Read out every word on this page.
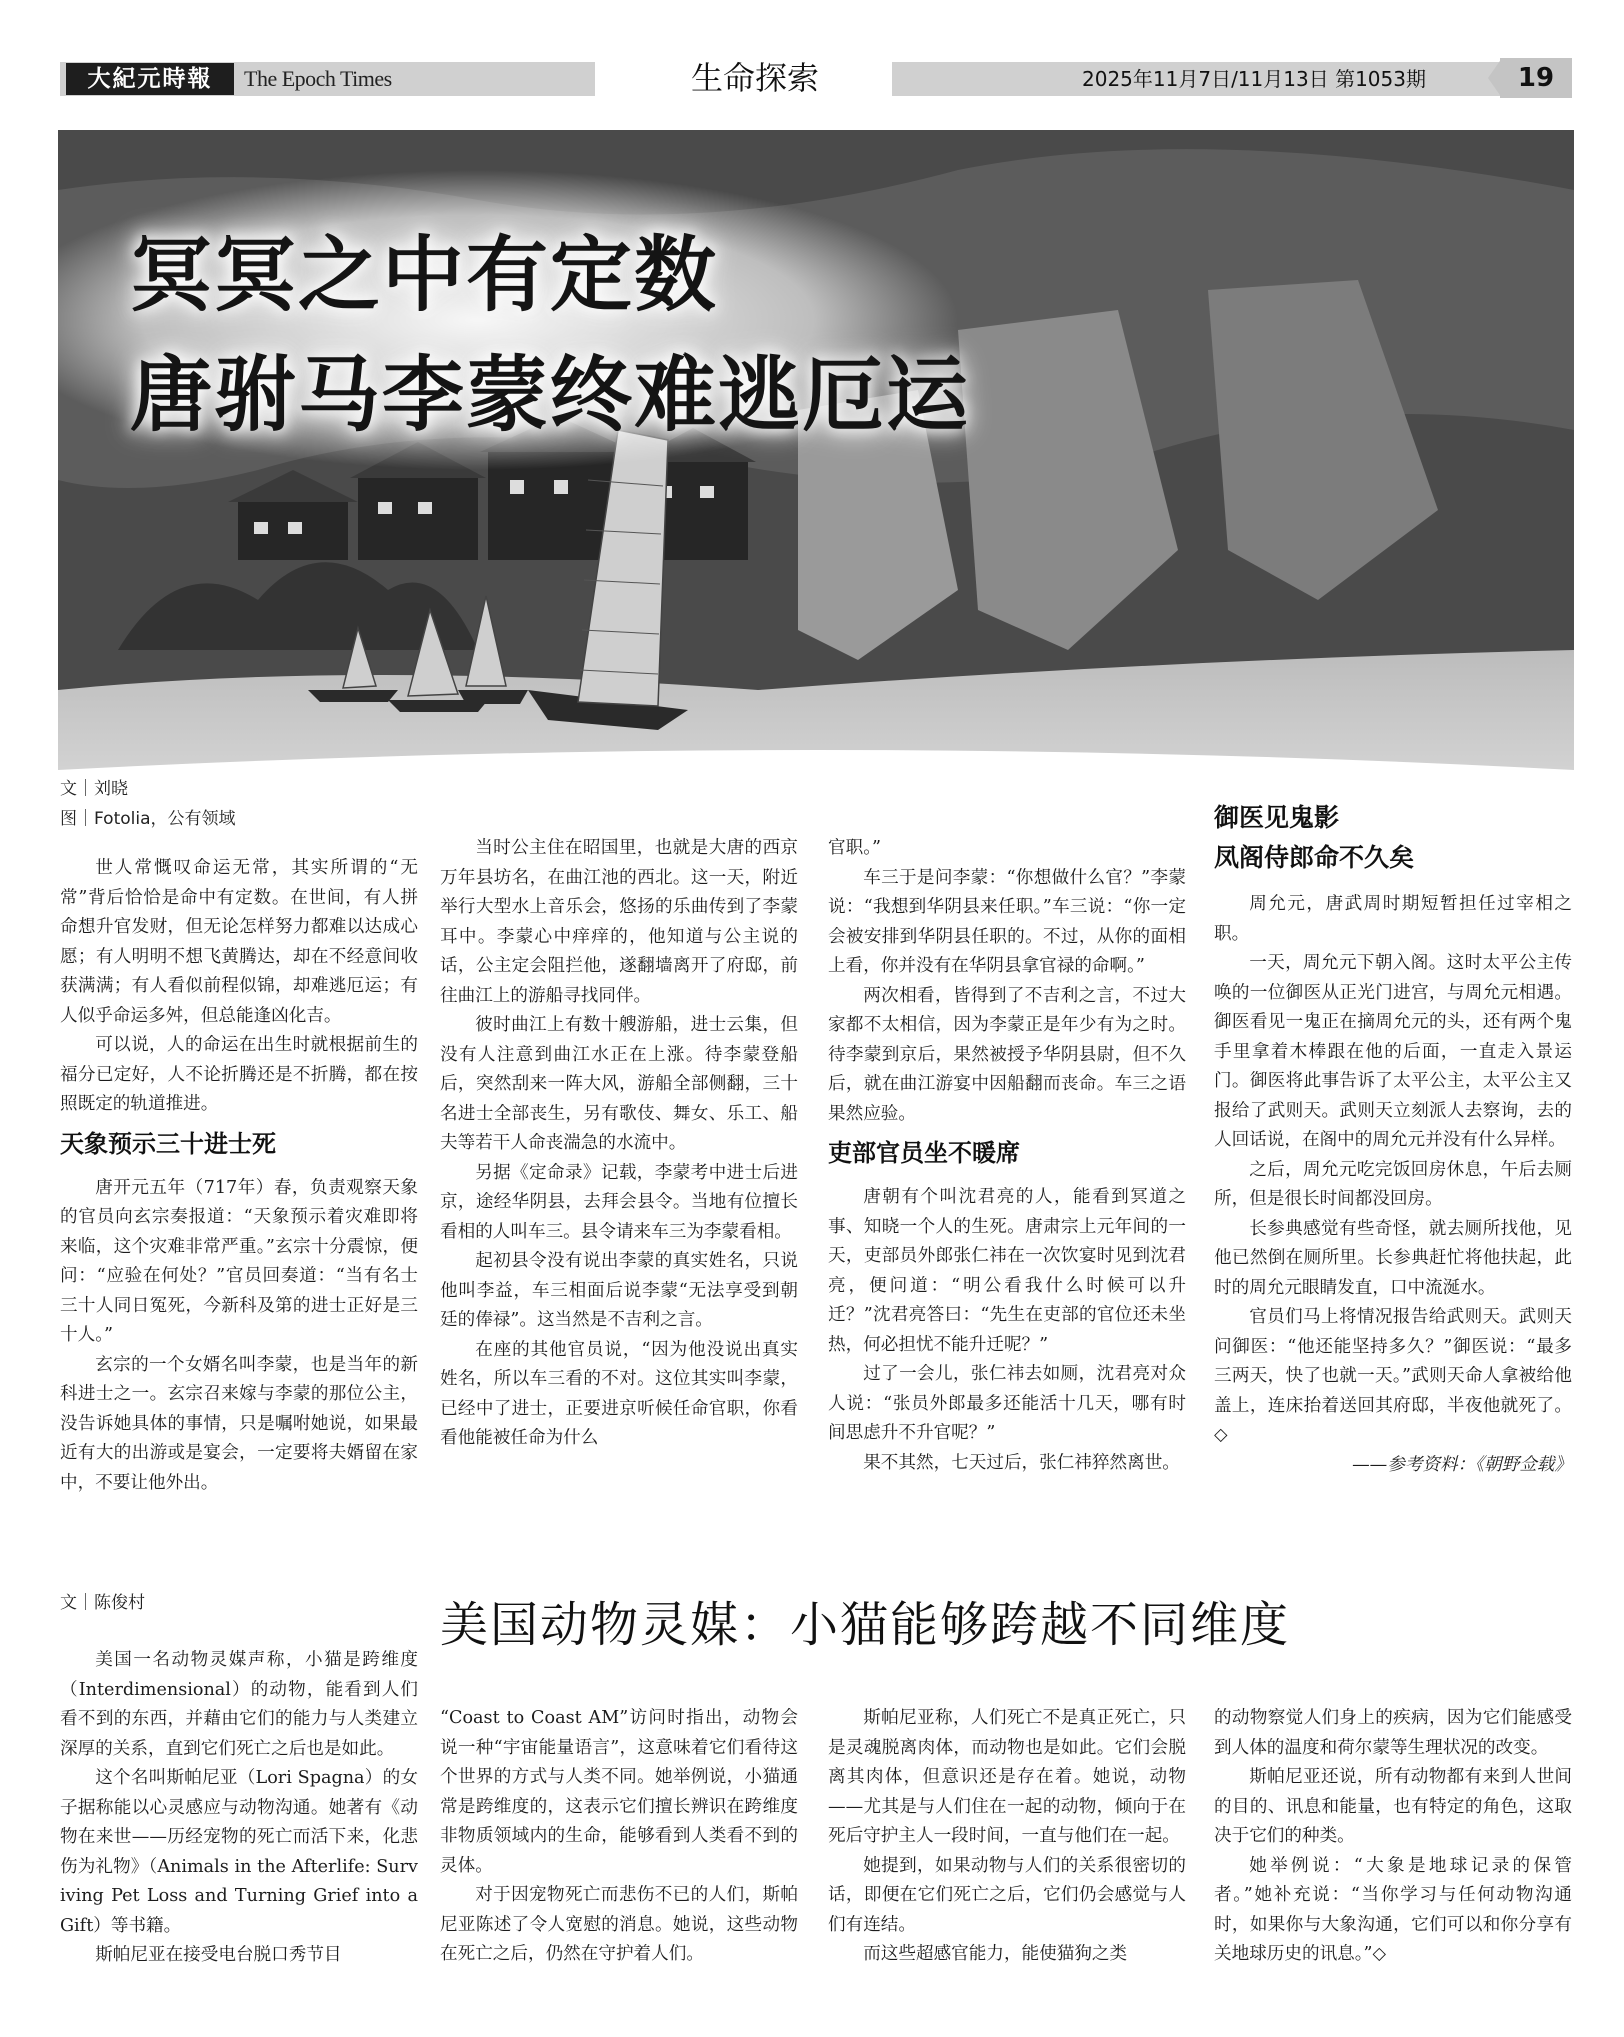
大紀元時報	The Epoch Times	生命探索	2025年11月7日/11月13日 第1053期	19
冥冥之中有定数
唐驸马李蒙终难逃厄运
文｜刘晓
图｜Fotolia，公有领域

世人常慨叹命运无常，其实所谓的“无常”背后恰恰是命中有定数。在世间，有人拼命想升官发财，但无论怎样努力都难以达成心愿；有人明明不想飞黄腾达，却在不经意间收获满满；有人看似前程似锦，却难逃厄运；有人似乎命运多舛，但总能逢凶化吉。

可以说，人的命运在出生时就根据前生的福分已定好，人不论折腾还是不折腾，都在按照既定的轨道推进。

天象预示三十进士死

唐开元五年（717年）春，负责观察天象的官员向玄宗奏报道：“天象预示着灾难即将来临，这个灾难非常严重。”玄宗十分震惊，便问：“应验在何处？”官员回奏道：“当有名士三十人同日冤死，今新科及第的进士正好是三十人。”

玄宗的一个女婿名叫李蒙，也是当年的新科进士之一。玄宗召来嫁与李蒙的那位公主，没告诉她具体的事情，只是嘱咐她说，如果最近有大的出游或是宴会，一定要将夫婿留在家中，不要让他外出。

当时公主住在昭国里，也就是大唐的西京万年县坊名，在曲江池的西北。这一天，附近举行大型水上音乐会，悠扬的乐曲传到了李蒙耳中。李蒙心中痒痒的，他知道与公主说的话，公主定会阻拦他，遂翻墙离开了府邸，前往曲江上的游船寻找同伴。

彼时曲江上有数十艘游船，进士云集，但没有人注意到曲江水正在上涨。待李蒙登船后，突然刮来一阵大风，游船全部侧翻，三十名进士全部丧生，另有歌伎、舞女、乐工、船夫等若干人命丧湍急的水流中。

另据《定命录》记载，李蒙考中进士后进京，途经华阴县，去拜会县令。当地有位擅长看相的人叫车三。县令请来车三为李蒙看相。

起初县令没有说出李蒙的真实姓名，只说他叫李益，车三相面后说李蒙“无法享受到朝廷的俸禄”。这当然是不吉利之言。

在座的其他官员说，“因为他没说出真实姓名，所以车三看的不对。这位其实叫李蒙，已经中了进士，正要进京听候任命官职，你看看他能被任命为什么

官职。”

车三于是问李蒙：“你想做什么官？”李蒙说：“我想到华阴县来任职。”车三说：“你一定会被安排到华阴县任职的。不过，从你的面相上看，你并没有在华阴县拿官禄的命啊。”

两次相看，皆得到了不吉利之言，不过大家都不太相信，因为李蒙正是年少有为之时。待李蒙到京后，果然被授予华阴县尉，但不久后，就在曲江游宴中因船翻而丧命。车三之语果然应验。

吏部官员坐不暖席

唐朝有个叫沈君亮的人，能看到冥道之事、知晓一个人的生死。唐肃宗上元年间的一天，吏部员外郎张仁祎在一次饮宴时见到沈君亮，便问道：“明公看我什么时候可以升迁？”沈君亮答曰：“先生在吏部的官位还未坐热，何必担忧不能升迁呢？”

过了一会儿，张仁祎去如厕，沈君亮对众人说：“张员外郎最多还能活十几天，哪有时间思虑升不升官呢？”

果不其然，七天过后，张仁祎猝然离世。

御医见鬼影
凤阁侍郎命不久矣

周允元，唐武周时期短暂担任过宰相之职。

一天，周允元下朝入阁。这时太平公主传唤的一位御医从正光门进宫，与周允元相遇。御医看见一鬼正在摘周允元的头，还有两个鬼手里拿着木棒跟在他的后面，一直走入景运门。御医将此事告诉了太平公主，太平公主又报给了武则天。武则天立刻派人去察询，去的人回话说，在阁中的周允元并没有什么异样。

之后，周允元吃完饭回房休息，午后去厕所，但是很长时间都没回房。

长参典感觉有些奇怪，就去厕所找他，见他已然倒在厕所里。长参典赶忙将他扶起，此时的周允元眼睛发直，口中流涎水。

官员们马上将情况报告给武则天。武则天问御医：“他还能坚持多久？”御医说：“最多三两天，快了也就一天。”武则天命人拿被给他盖上，连床抬着送回其府邸，半夜他就死了。◇

——参考资料：《朝野佥载》

文｜陈俊村	美国动物灵媒：小猫能够跨越不同维度

美国一名动物灵媒声称，小猫是跨维度（Interdimensional）的动物，能看到人们看不到的东西，并藉由它们的能力与人类建立深厚的关系，直到它们死亡之后也是如此。

这个名叫斯帕尼亚（Lori Spagna）的女子据称能以心灵感应与动物沟通。她著有《动物在来世——历经宠物的死亡而活下来，化悲伤为礼物》（Animals in the Afterlife: Surviving Pet Loss and Turning Grief into a Gift）等书籍。

斯帕尼亚在接受电台脱口秀节目

“Coast to Coast AM”访问时指出，动物会说一种“宇宙能量语言”，这意味着它们看待这个世界的方式与人类不同。她举例说，小猫通常是跨维度的，这表示它们擅长辨识在跨维度非物质领域内的生命，能够看到人类看不到的灵体。

对于因宠物死亡而悲伤不已的人们，斯帕尼亚陈述了令人宽慰的消息。她说，这些动物在死亡之后，仍然在守护着人们。

斯帕尼亚称，人们死亡不是真正死亡，只是灵魂脱离肉体，而动物也是如此。它们会脱离其肉体，但意识还是存在着。她说，动物——尤其是与人们住在一起的动物，倾向于在死后守护主人一段时间，一直与他们在一起。

她提到，如果动物与人们的关系很密切的话，即便在它们死亡之后，它们仍会感觉与人们有连结。

而这些超感官能力，能使猫狗之类

的动物察觉人们身上的疾病，因为它们能感受到人体的温度和荷尔蒙等生理状况的改变。

斯帕尼亚还说，所有动物都有来到人世间的目的、讯息和能量，也有特定的角色，这取决于它们的种类。

她举例说：“大象是地球记录的保管者。”她补充说：“当你学习与任何动物沟通时，如果你与大象沟通，它们可以和你分享有关地球历史的讯息。”◇
